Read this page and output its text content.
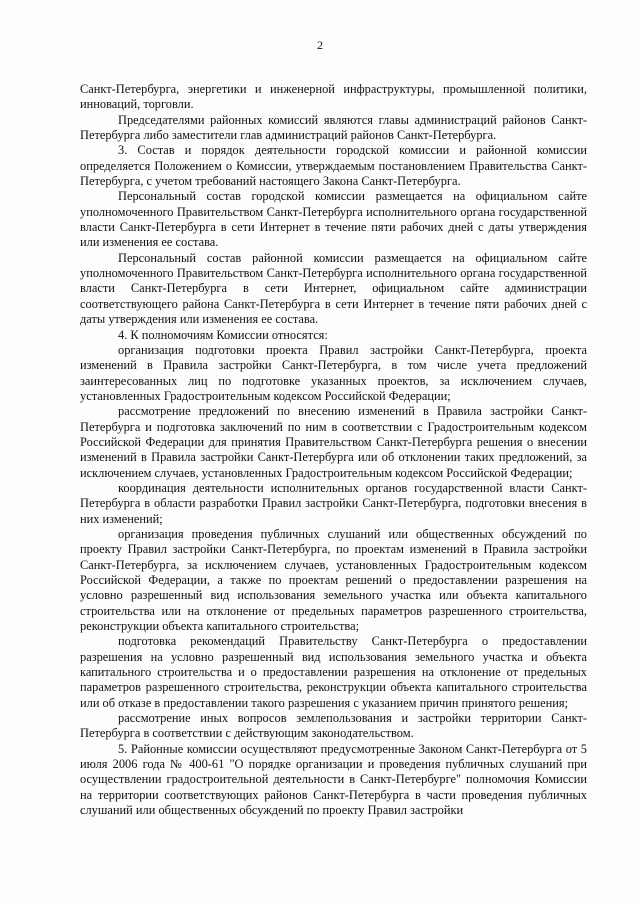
2

Санкт-Петербурга, энергетики и инженерной инфраструктуры, промышленной политики, инноваций, торговли.

Председателями районных комиссий являются главы администраций районов Санкт-Петербурга либо заместители глав администраций районов Санкт-Петербурга.

3. Состав и порядок деятельности городской комиссии и районной комиссии определяется Положением о Комиссии, утверждаемым постановлением Правительства Санкт-Петербурга, с учетом требований настоящего Закона Санкт-Петербурга.

Персональный состав городской комиссии размещается на официальном сайте уполномоченного Правительством Санкт-Петербурга исполнительного органа государственной власти Санкт-Петербурга в сети Интернет в течение пяти рабочих дней с даты утверждения или изменения ее состава.

Персональный состав районной комиссии размещается на официальном сайте уполномоченного Правительством Санкт-Петербурга исполнительного органа государственной власти Санкт-Петербурга в сети Интернет, официальном сайте администрации соответствующего района Санкт-Петербурга в сети Интернет в течение пяти рабочих дней с даты утверждения или изменения ее состава.

4. К полномочиям Комиссии относятся:

организация подготовки проекта Правил застройки Санкт-Петербурга, проекта изменений в Правила застройки Санкт-Петербурга, в том числе учета предложений заинтересованных лиц по подготовке указанных проектов, за исключением случаев, установленных Градостроительным кодексом Российской Федерации;

рассмотрение предложений по внесению изменений в Правила застройки Санкт-Петербурга и подготовка заключений по ним в соответствии с Градостроительным кодексом Российской Федерации для принятия Правительством Санкт-Петербурга решения о внесении изменений в Правила застройки Санкт-Петербурга или об отклонении таких предложений, за исключением случаев, установленных Градостроительным кодексом Российской Федерации;

координация деятельности исполнительных органов государственной власти Санкт-Петербурга в области разработки Правил застройки Санкт-Петербурга, подготовки внесения в них изменений;

организация проведения публичных слушаний или общественных обсуждений по проекту Правил застройки Санкт-Петербурга, по проектам изменений в Правила застройки Санкт-Петербурга, за исключением случаев, установленных Градостроительным кодексом Российской Федерации, а также по проектам решений о предоставлении разрешения на условно разрешенный вид использования земельного участка или объекта капитального строительства или на отклонение от предельных параметров разрешенного строительства, реконструкции объекта капитального строительства;

подготовка рекомендаций Правительству Санкт-Петербурга о предоставлении разрешения на условно разрешенный вид использования земельного участка и объекта капитального строительства и о предоставлении разрешения на отклонение от предельных параметров разрешенного строительства, реконструкции объекта капитального строительства или об отказе в предоставлении такого разрешения с указанием причин принятого решения;

рассмотрение иных вопросов землепользования и застройки территории Санкт-Петербурга в соответствии с действующим законодательством.

5. Районные комиссии осуществляют предусмотренные Законом Санкт-Петербурга от 5 июля 2006 года № 400-61 "О порядке организации и проведения публичных слушаний при осуществлении градостроительной деятельности в Санкт-Петербурге" полномочия Комиссии на территории соответствующих районов Санкт-Петербурга в части проведения публичных слушаний или общественных обсуждений по проекту Правил застройки
